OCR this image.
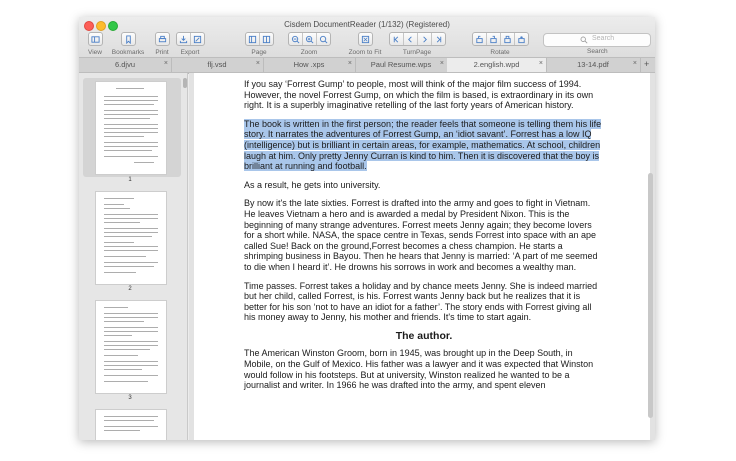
Cisdem DocumentReader (1/132) (Registered)
View Bookmarks Print Export	Page	Zoom	Zoom to Fit	TurnPage	Rotate
Search
Search
6.djvu	×	flj.vsd	×	How .xps	×	Paul Resume.wps	×	2.english.wpd	×	13-14.pdf	× +
1
2
3

If you say ‘Forrest Gump’ to people, most will think of the major film success of 1994. However, the novel Forrest Gump, on which the film is based, is extraordinary in its own right. It is a superbly imaginative retelling of the last forty years of American history.

The book is written in the first person; the reader feels that someone is telling them his life story. It narrates the adventures of Forrest Gump, an ‘idiot savant’. Forrest has a low IQ (intelligence) but is brilliant in certain areas, for example, mathematics. At school, children laugh at him. Only pretty Jenny Curran is kind to him. Then it is discovered that the boy is brilliant at running and football.

As a result, he gets into university.

By now it's the late sixties. Forrest is drafted into the army and goes to fight in Vietnam. He leaves Vietnam a hero and is awarded a medal by President Nixon. This is the beginning of many strange adventures. Forrest meets Jenny again; they become lovers for a short while. NASA, the space centre in Texas, sends Forrest into space with an ape called Sue! Back on the ground,Forrest becomes a chess champion. He starts a shrimping business in Bayou. Then he hears that Jenny is married: ‘A part of me seemed to die when I heard it’. He drowns his sorrows in work and becomes a wealthy man.

Time passes. Forrest takes a holiday and by chance meets Jenny. She is indeed married but her child, called Forrest, is his. Forrest wants Jenny back but he realizes that it is better for his son ‘not to have an idiot for a father’. The story ends with Forrest giving all his money away to Jenny, his mother and friends. It's time to start again.

The author.

The American Winston Groom, born in 1945, was brought up in the Deep South, in Mobile, on the Gulf of Mexico. His father was a lawyer and it was expected that Winston would follow in his footsteps. But at university, Winston realized he wanted to be a journalist and writer. In 1966 he was drafted into the army, and spent eleven
